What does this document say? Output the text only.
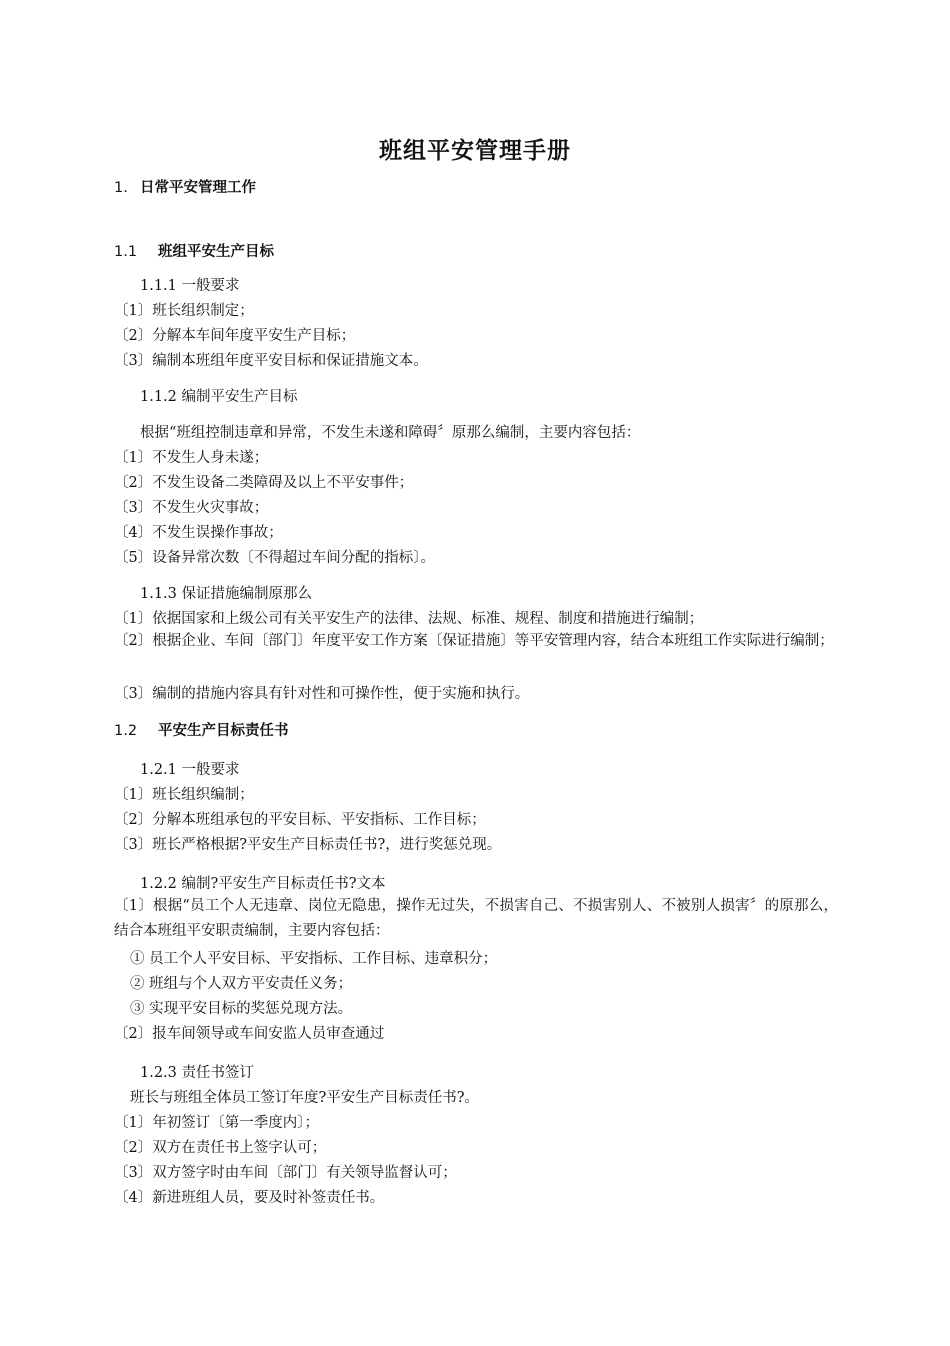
班组平安管理手册
1. 日常平安管理工作
1.1 班组平安生产目标
1.1.1 一般要求
〔1〕班长组织制定；
〔2〕分解本车间年度平安生产目标；
〔3〕编制本班组年度平安目标和保证措施文本。
1.1.2 编制平安生产目标
根据“班组控制违章和异常，不发生未遂和障碍〞原那么编制，主要内容包括：
〔1〕不发生人身未遂；
〔2〕不发生设备二类障碍及以上不平安事件；
〔3〕不发生火灾事故；
〔4〕不发生误操作事故；
〔5〕设备异常次数〔不得超过车间分配的指标〕。
1.1.3 保证措施编制原那么
〔1〕依据国家和上级公司有关平安生产的法律、法规、标准、规程、制度和措施进行编制；
〔2〕根据企业、车间〔部门〕年度平安工作方案〔保证措施〕等平安管理内容，结合本班组工作实际进行编制；
〔3〕编制的措施内容具有针对性和可操作性，便于实施和执行。
1.2 平安生产目标责任书
1.2.1 一般要求
〔1〕班长组织编制；
〔2〕分解本班组承包的平安目标、平安指标、工作目标；
〔3〕班长严格根据?平安生产目标责任书?，进行奖惩兑现。
1.2.2 编制?平安生产目标责任书?文本
〔1〕根据“员工个人无违章、岗位无隐患，操作无过失，不损害自己、不损害别人、不被别人损害〞的原那么，结合本班组平安职责编制，主要内容包括：
① 员工个人平安目标、平安指标、工作目标、违章积分；
② 班组与个人双方平安责任义务；
③ 实现平安目标的奖惩兑现方法。
〔2〕报车间领导或车间安监人员审查通过
1.2.3 责任书签订
班长与班组全体员工签订年度?平安生产目标责任书?。
〔1〕年初签订〔第一季度内〕；
〔2〕双方在责任书上签字认可；
〔3〕双方签字时由车间〔部门〕有关领导监督认可；
〔4〕新进班组人员，要及时补签责任书。
